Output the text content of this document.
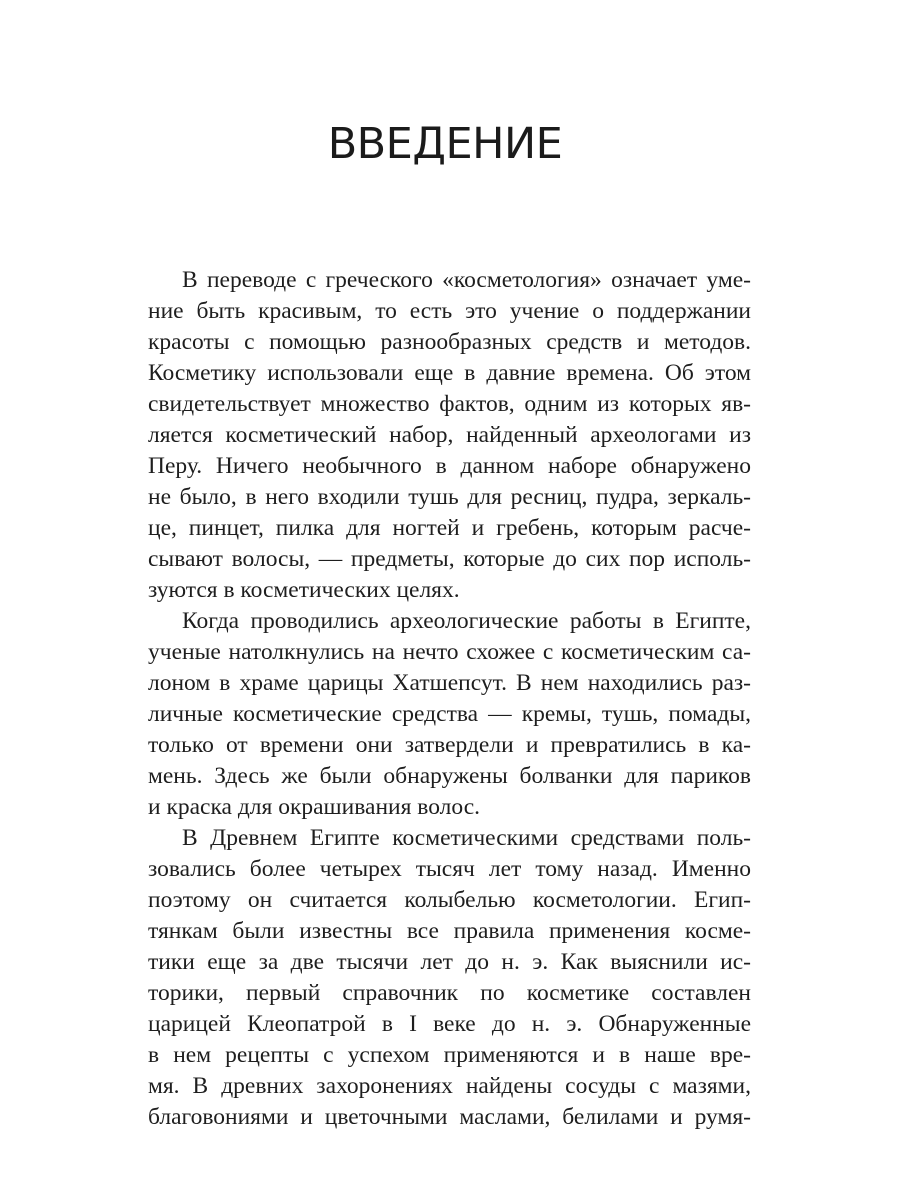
ВВЕДЕНИЕ
В переводе с греческого «косметология» означает уме-
ние быть красивым, то есть это учение о поддержании
красоты с помощью разнообразных средств и методов.
Косметику использовали еще в давние времена. Об этом
свидетельствует множество фактов, одним из которых яв-
ляется косметический набор, найденный археологами из
Перу. Ничего необычного в данном наборе обнаружено
не было, в него входили тушь для ресниц, пудра, зеркаль-
це, пинцет, пилка для ногтей и гребень, которым расче-
сывают волосы, — предметы, которые до сих пор исполь-
зуются в косметических целях.
Когда проводились археологические работы в Египте,
ученые натолкнулись на нечто схожее с косметическим са-
лоном в храме царицы Хатшепсут. В нем находились раз-
личные косметические средства — кремы, тушь, помады,
только от времени они затвердели и превратились в ка-
мень. Здесь же были обнаружены болванки для париков
и краска для окрашивания волос.
В Древнем Египте косметическими средствами поль-
зовались более четырех тысяч лет тому назад. Именно
поэтому он считается колыбелью косметологии. Егип-
тянкам были известны все правила применения космe-
тики еще за две тысячи лет до н. э. Как выяснили ис-
торики, первый справочник по косметике составлен
царицей Клеопатрой в I веке до н. э. Обнаруженные
в нем рецепты с успехом применяются и в наше вре-
мя. В древних захоронениях найдены сосуды с мазями,
благовониями и цветочными маслами, белилами и румя-
